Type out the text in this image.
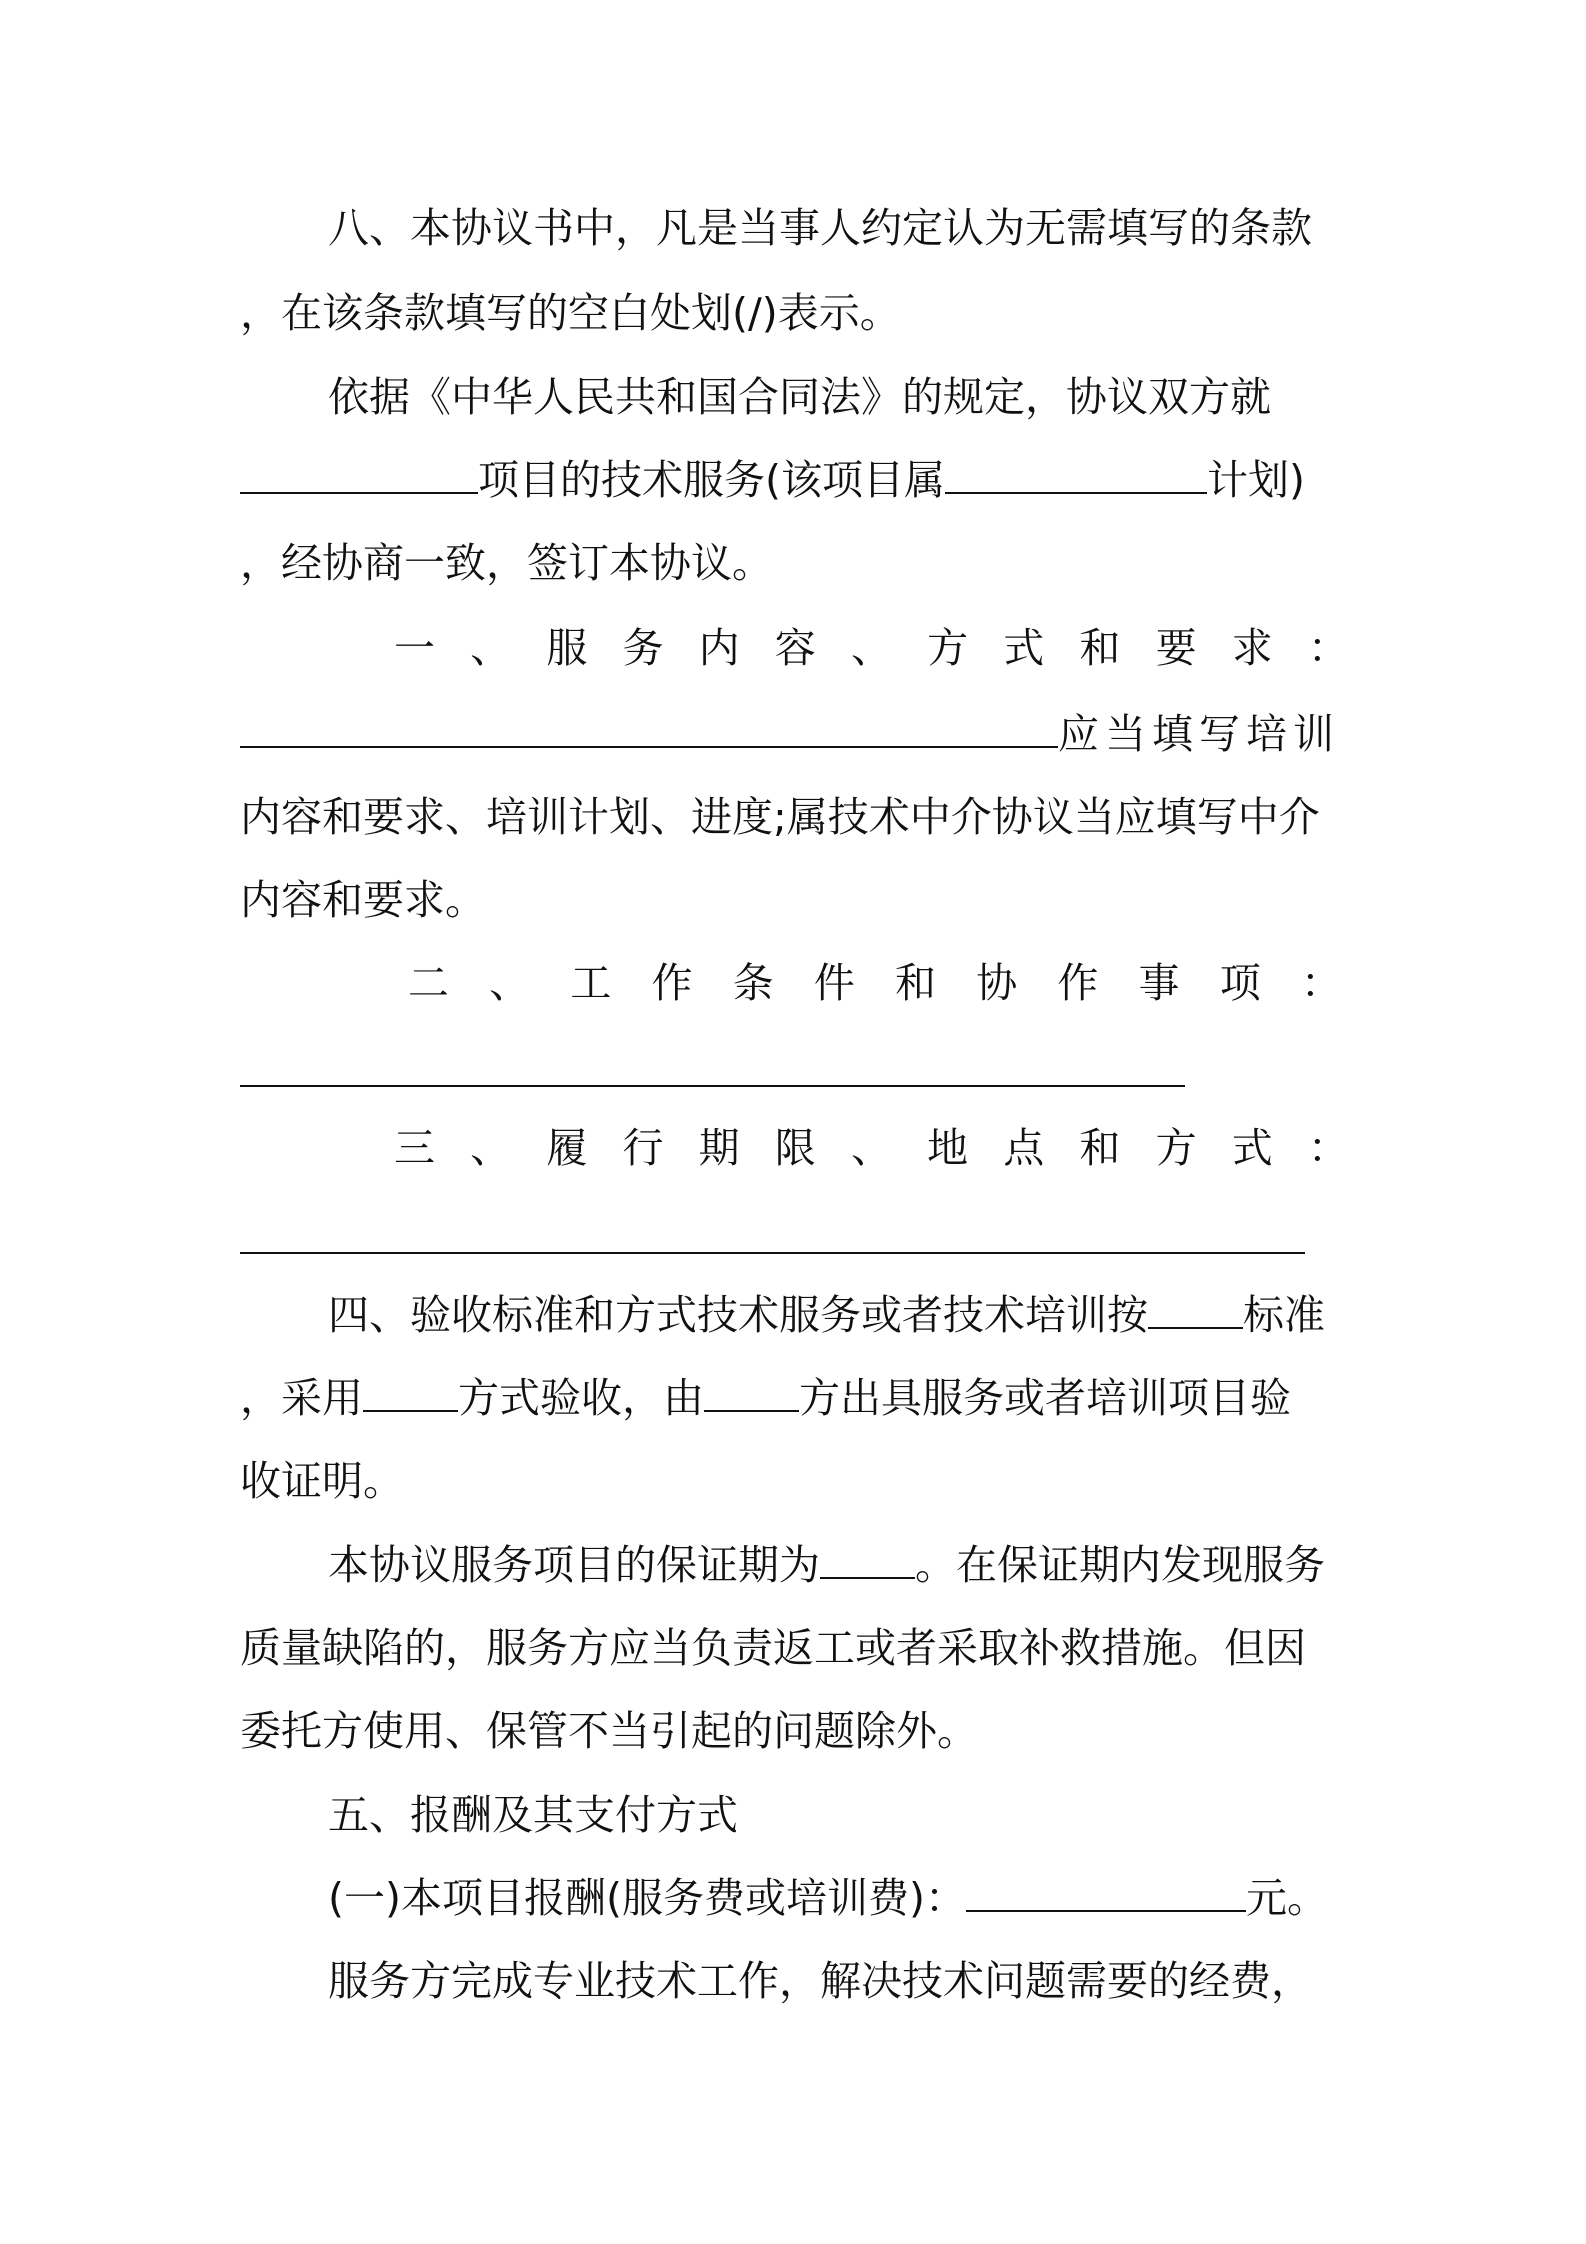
八、本协议书中，凡是当事人约定认为无需填写的条款
，在该条款填写的空白处划(/)表示。
依据《中华人民共和国合同法》的规定，协议双方就
项目的技术服务(该项目属	计划)
，经协商一致，签订本协议。
一 、 服 务 内 容 、 方 式 和 要 求 ：
应当填写培训
内容和要求、培训计划、进度;属技术中介协议当应填写中介
内容和要求。
二 、 工 作 条 件 和 协 作 事 项 ：
三 、 履 行 期 限 、 地 点 和 方 式 ：
四、验收标准和方式技术服务或者技术培训按 标准
，采用 方式验收，由 方出具服务或者培训项目验
收证明。
本协议服务项目的保证期为 。在保证期内发现服务
质量缺陷的，服务方应当负责返工或者采取补救措施。但因
委托方使用、保管不当引起的问题除外。
五、报酬及其支付方式
(一)本项目报酬(服务费或培训费)：	元。
服务方完成专业技术工作，解决技术问题需要的经费，
